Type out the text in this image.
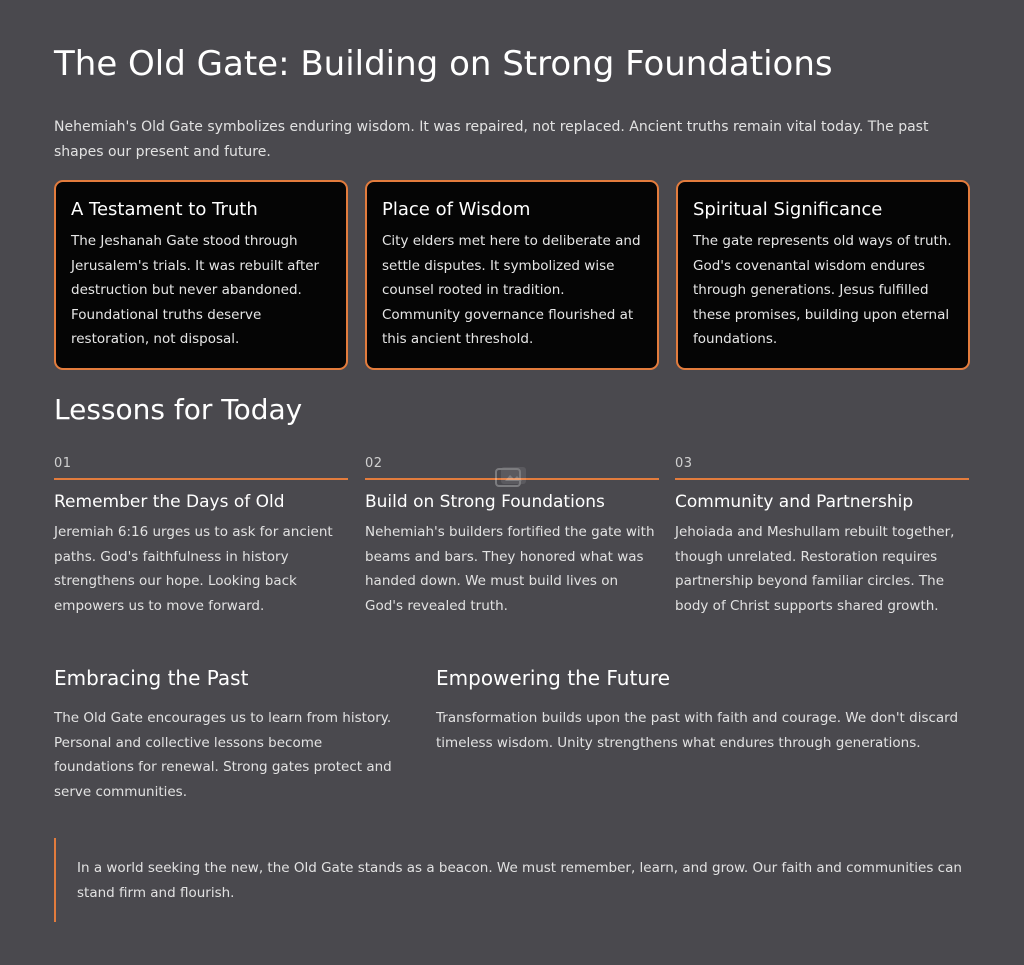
The Old Gate: Building on Strong Foundations

Nehemiah's Old Gate symbolizes enduring wisdom. It was repaired, not replaced. Ancient truths remain vital today. The past shapes our present and future.

A Testament to Truth

The Jeshanah Gate stood through Jerusalem's trials. It was rebuilt after destruction but never abandoned. Foundational truths deserve restoration, not disposal.

Place of Wisdom

City elders met here to deliberate and settle disputes. It symbolized wise counsel rooted in tradition. Community governance flourished at this ancient threshold.

Spiritual Significance

The gate represents old ways of truth. God's covenantal wisdom endures through generations. Jesus fulfilled these promises, building upon eternal foundations.

Lessons for Today
01
Remember the Days of Old

Jeremiah 6:16 urges us to ask for ancient paths. God's faithfulness in history strengthens our hope. Looking back empowers us to move forward.

02
Build on Strong Foundations

Nehemiah's builders fortified the gate with beams and bars. They honored what was handed down. We must build lives on God's revealed truth.

03
Community and Partnership

Jehoiada and Meshullam rebuilt together, though unrelated. Restoration requires partnership beyond familiar circles. The body of Christ supports shared growth.

Embracing the Past

The Old Gate encourages us to learn from history. Personal and collective lessons become foundations for renewal. Strong gates protect and serve communities.

Empowering the Future

Transformation builds upon the past with faith and courage. We don't discard timeless wisdom. Unity strengthens what endures through generations.

In a world seeking the new, the Old Gate stands as a beacon. We must remember, learn, and grow. Our faith and communities can stand firm and flourish.
